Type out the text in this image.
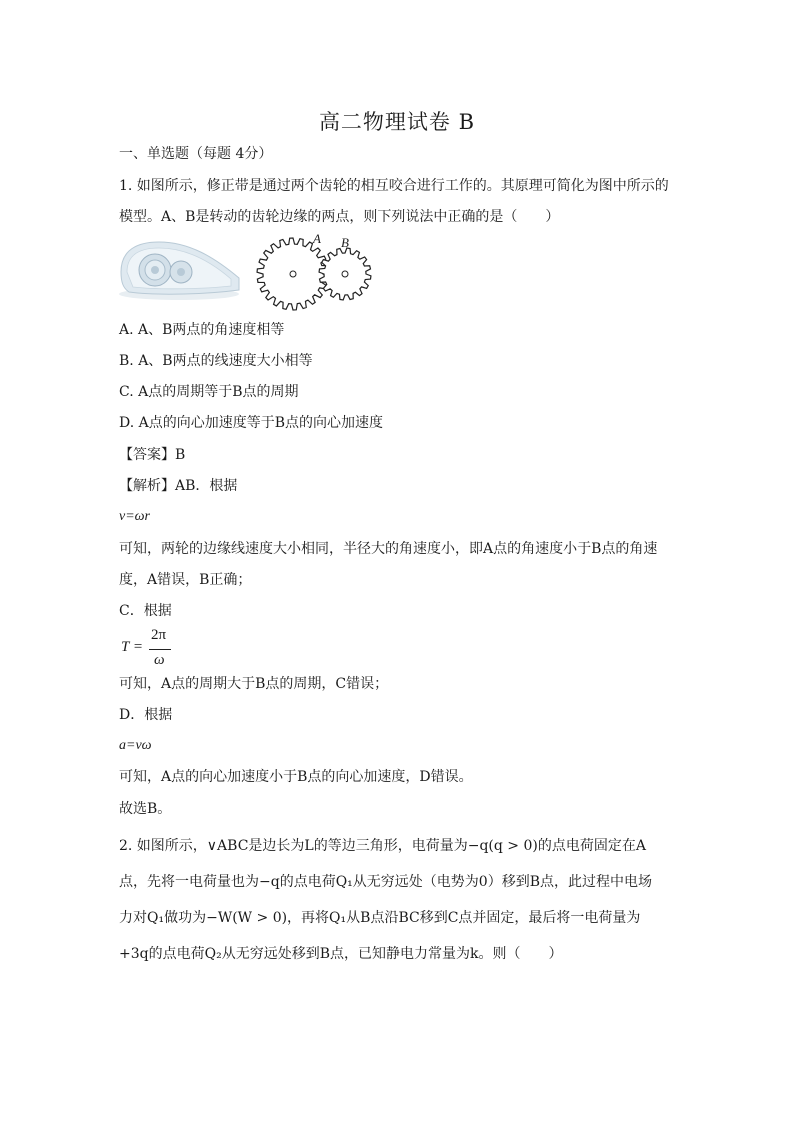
高二物理试卷 B
一、单选题（每题 4分）
1. 如图所示，修正带是通过两个齿轮的相互咬合进行工作的。其原理可简化为图中所示的
模型。A、B是转动的齿轮边缘的两点，则下列说法中正确的是（　　）
A B
A. A、B两点的角速度相等
B. A、B两点的线速度大小相等
C. A点的周期等于B点的周期
D. A点的向心加速度等于B点的向心加速度
【答案】B
【解析】AB．根据
v=ωr
可知，两轮的边缘线速度大小相同，半径大的角速度小，即A点的角速度小于B点的角速
度，A错误，B正确；
C．根据
T =
2π
ω
可知，A点的周期大于B点的周期，C错误；
D．根据
a=vω
可知，A点的向心加速度小于B点的向心加速度，D错误。
故选B。
2. 如图所示，∨ABC是边长为L的等边三角形，电荷量为−q(q > 0)的点电荷固定在A
点，先将一电荷量也为−q的点电荷Q₁从无穷远处（电势为0）移到B点，此过程中电场
力对Q₁做功为−W(W > 0)，再将Q₁从B点沿BC移到C点并固定，最后将一电荷量为
+3q的点电荷Q₂从无穷远处移到B点，已知静电力常量为k。则（　　）
